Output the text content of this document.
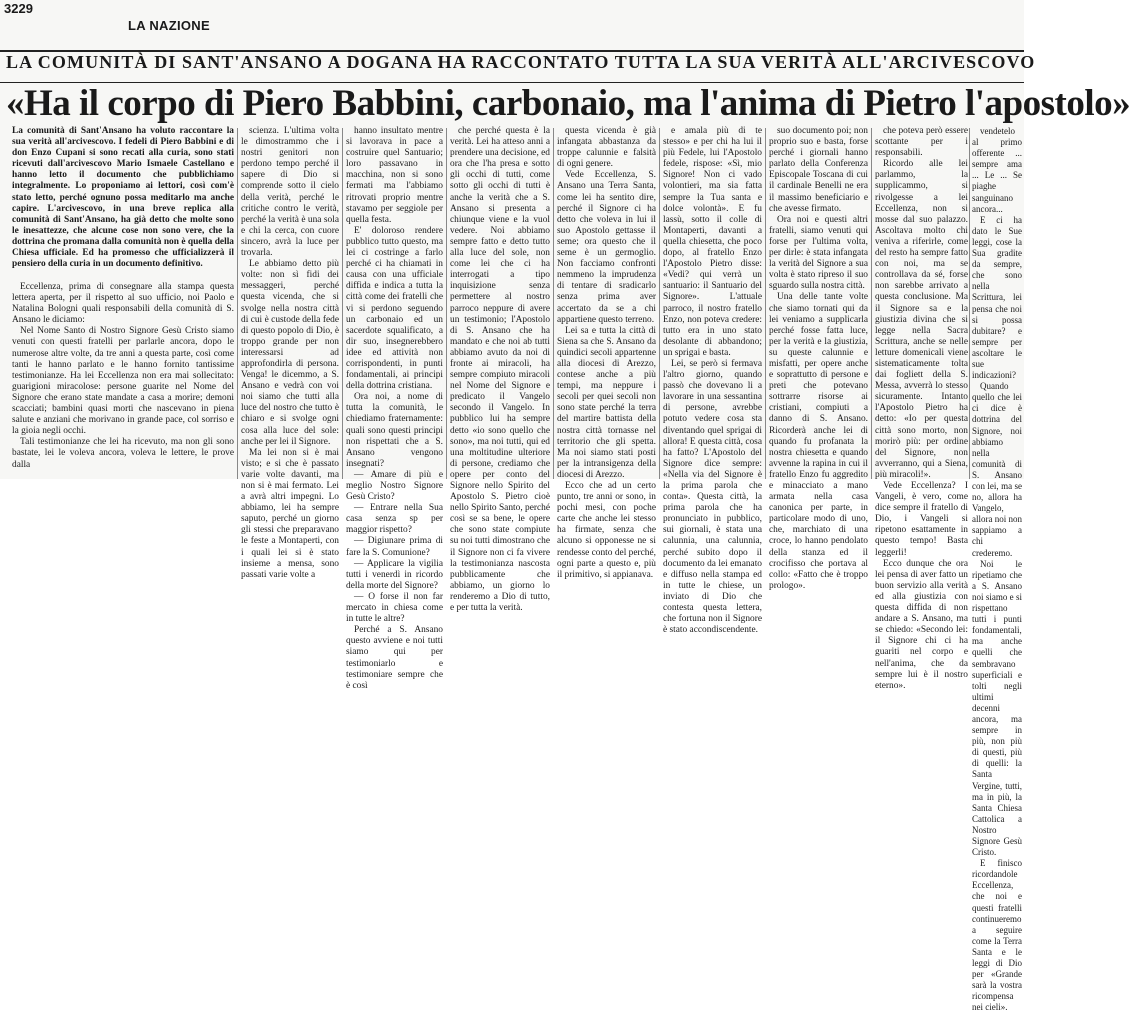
3229
LA NAZIONE
LA COMUNITÀ DI SANT'ANSANO A DOGANA HA RACCONTATO TUTTA LA SUA VERITÀ ALL'ARCIVESCOVO
«Ha il corpo di Piero Babbini, carbonaio, ma l'anima di Pietro l'apostolo»
La comunità di Sant'Ansano ha voluto raccontare la sua verità all'arcivescovo. I fedeli di Piero Babbini e di don Enzo Cupani si sono recati alla curia, sono stati ricevuti dall'arcivescovo Mario Ismaele Castellano e hanno letto il documento che pubblichiamo integralmente. Lo proponiamo ai lettori, così com'è stato letto, perché ognuno possa meditarlo ma anche capire. L'arcivescovo, in una breve replica alla comunità di Sant'Ansano, ha già detto che molte sono le inesattezze, che alcune cose non sono vere, che la dottrina che promana dalla comunità non è quella della Chiesa ufficiale. Ed ha promesso che ufficializzerà il pensiero della curia in un documento definitivo.

Eccellenza, prima di consegnare alla stampa questa lettera aperta, per il rispetto al suo ufficio, noi Paolo e Natalina Bologni quali responsabili della comunità di S. Ansano le diciamo:

Nel Nome Santo di Nostro Signore Gesù Cristo siamo venuti con questi fratelli per parlarle ancora, dopo le numerose altre volte, da tre anni a questa parte, così come tanti le hanno parlato e le hanno fornito tantissime testimonianze. Ha lei Eccellenza non era mai sollecitato: guarigioni miracolose: persone guarite nel Nome del Signore che erano state mandate a casa a morire; demoni scacciati; bambini quasi morti che nascevano in piena salute e anziani che morivano in grande pace, col sorriso e la gioia negli occhi.

Tali testimonianze che lei ha ricevuto, ma non gli sono bastate, lei le voleva ancora, voleva le lettere, le prove dalla

scienza. L'ultima volta le dimostrammo che i nostri genitori non perdono tempo perché il sapere di Dio si comprende sotto il cielo della verità, perché le critiche contro le verità, perché la verità è una sola e chi la cerca, con cuore sincero, avrà la luce per trovarla.

Le abbiamo detto più volte: non sì fidi dei messaggeri, perché questa vicenda, che si svolge nella nostra città di cui è custode della fede di questo popolo di Dio, è troppo grande per non interessarsi ad approfondirla di persona. Venga! le dicemmo, a S. Ansano e vedrà con voi noi siamo che tutti alla luce del nostro che tutto è chiaro e si svolge ogni cosa alla luce del sole: anche per lei il Signore.

Ma lei non si è mai visto; e si che è passato varie volte davanti, ma non si è mai fermato. Lei a avrà altri impegni. Lo abbiamo, lei ha sempre saputo, perché un giorno gli stessi che preparavano le feste a Montaperti, con i quali lei si è stato insieme a mensa, sono passati varie volte a

hanno insultato mentre si lavorava in pace a costruire quel Santuario; loro passavano in macchina, non si sono fermati ma l'abbiamo ritrovati proprio mentre stavamo per seggiole per quella festa.

E' doloroso rendere pubblico tutto questo, ma lei ci costringe a farlo perché ci ha chiamati in causa con una ufficiale diffida e indica a tutta la città come dei fratelli che vi si perdono seguendo un carbonaio ed un sacerdote squalificato, a dir suo, insegnerebbero idee ed attività non corrispondenti, in punti fondamentali, ai principi della dottrina cristiana.

Ora noi, a nome di tutta la comunità, le chiediamo fraternamente: quali sono questi principi non rispettati che a S. Ansano vengono insegnati?

— Amare di più e meglio Nostro Signore Gesù Cristo?

— Entrare nella Sua casa senza sp per maggior rispetto?

— Digiunare prima di fare la S. Comunione?

— Applicare la vigilia tutti i venerdì in ricordo della morte del Signore?

— O forse il non far mercato in chiesa come in tutte le altre?

Perché a S. Ansano questo avviene e noi tutti siamo qui per testimoniarlo e testimoniare sempre che è così

che perché questa è la verità. Lei ha atteso anni a prendere una decisione, ed ora che l'ha presa e sotto gli occhi di tutti, come sotto gli occhi di tutti è anche la verità che a S. Ansano si presenta a chiunque viene e la vuol vedere. Noi abbiamo sempre fatto e detto tutto alla luce del sole, non come lei che ci ha interrogati a tipo inquisizione senza permettere al nostro parroco neppure di avere un testimonio; l'Apostolo di S. Ansano che ha mandato e che noi ab tutti abbiamo avuto da noi di fronte ai miracoli, ha sempre compiuto miracoli nel Nome del Signore e predicato il Vangelo secondo il Vangelo. In pubblico lui ha sempre detto «io sono quello che sono», ma noi tutti, qui ed una moltitudine ulteriore di persone, crediamo che opere per conto del Signore nello Spirito del Apostolo S. Pietro cioè nello Spirito Santo, perché così se sa bene, le opere che sono state compiute su noi tutti dimostrano che il Signore non ci fa vivere la testimonianza nascosta pubblicamente che abbiamo, un giorno lo renderemo a Dio di tutto, e per tutta la verità.

questa vicenda è già infangata abbastanza da troppe calunnie e falsità di ogni genere.

Vede Eccellenza, S. Ansano una Terra Santa, come lei ha sentito dire, perché il Signore ci ha detto che voleva in lui il suo Apostolo gettasse il seme; ora questo che il seme è un germoglio. Non facciamo confronti nemmeno la imprudenza di tentare di sradicarlo senza prima aver accertato da se a chi appartiene questo terreno.

Lei sa e tutta la città di Siena sa che S. Ansano da quindici secoli appartenne alla diocesi di Arezzo, contese anche a più tempi, ma neppure i secoli per quei secoli non sono state perché la terra del martire battista della nostra città tornasse nel territorio che gli spetta. Ma noi siamo stati posti per la intransigenza della diocesi di Arezzo.

Ecco che ad un certo punto, tre anni or sono, in pochi mesi, con poche carte che anche lei stesso ha firmate, senza che alcuno si opponesse ne si rendesse conto del perché, ogni parte a questo e, più il primitivo, si appianava.

e amala più di te stesso» e per chi ha lui il più Fedele, lui l'Apostolo fedele, rispose: «Sì, mio Signore! Non ci vado volontieri, ma sia fatta sempre la Tua santa e dolce volontà». E fu lassù, sotto il colle di Montaperti, davanti a quella chiesetta, che poco dopo, al fratello Enzo l'Apostolo Pietro disse: «Vedi? qui verrà un santuario: il Santuario del Signore». L'attuale parroco, il nostro fratello Enzo, non poteva credere: tutto era in uno stato desolante di abbandono; un sprigai e basta.

Lei, se però si fermava l'altro giorno, quando passò che dovevano li a lavorare in una sessantina di persone, avrebbe potuto vedere cosa sta diventando quel sprigai di allora! E questa città, cosa ha fatto? L'Apostolo del Signore dice sempre: «Nella via del Signore è la prima parola che conta». Questa città, la prima parola che ha pronunciato in pubblico, sui giornali, è stata una calunnia, una calunnia, perché subito dopo il documento da lei emanato e diffuso nella stampa ed in tutte le chiese, un inviato di Dio che contesta questa lettera, che fortuna non il Signore è stato accondiscendente.

suo documento poi; non proprio suo e basta, forse perché i giornali hanno parlato della Conferenza Episcopale Toscana di cui il cardinale Benelli ne era il massimo beneficiario e che avesse firmato.

Ora noi e questi altri fratelli, siamo venuti qui forse per l'ultima volta, per dirle: è stata infangata la verità del Signore a sua volta è stato ripreso il suo sguardo sulla nostra città.

Una delle tante volte che siamo tornati qui da lei veniamo a supplicarla perché fosse fatta luce, per la verità e la giustizia, su queste calunnie e misfatti, per opere anche e soprattutto di persone e preti che potevano sottrarre risorse ai cristiani, compiuti a danno di S. Ansano. Ricorderà anche lei di quando fu profanata la nostra chiesetta e quando avvenne la rapina in cui il fratello Enzo fu aggredito e minacciato a mano armata nella casa canonica per parte, in particolare modo di uno, che, marchiato di una croce, lo hanno pendolato della stanza ed il crocifisso che portava al collo: «Fatto che è troppo prologo».

che poteva però essere scottante per i responsabili.

Ricordo alle lei parlammo, la supplicammo, si rivolgesse a lei Eccellenza, non si mosse dal suo palazzo. Ascoltava molto chi veniva a riferirle, come del resto ha sempre fatto con noi, ma se controllava da sé, forse non sarebbe arrivato a questa conclusione. Ma il Signore sa e la giustizia divina che si legge nella Sacra Scrittura, anche se nelle letture domenicali viene sistematicamente tolta dai fogliett della S. Messa, avverrà lo stesso sicuramente. Intanto l'Apostolo Pietro ha detto: «Io per questa città sono morto, non morirò più: per ordine del Signore, non avverranno, qui a Siena, più miracoli!».

Vede Eccellenza? I Vangeli, è vero, come dice sempre il fratello di Dio, i Vangeli si ripetono esattamente in questo tempo! Basta leggerli!

Ecco dunque che ora lei pensa di aver fatto un buon servizio alla verità ed alla giustizia con questa diffida di non andare a S. Ansano, ma se chiedo: «Secondo lei: il Signore chi ci ha guariti nel corpo e nell'anima, che da sempre lui è il nostro eterno».

vendetelo al primo offerente ... sempre ama ... Le ... Se piaghe sanguinano ancora...

E ci ha dato le Sue leggi, cose la Sua gradite da sempre, che sono nella Scrittura, lei pensa che noi si possa dubitare? e sempre per ascoltare le sue indicazioni?

Quando quello che lei ci dice è dottrina del Signore, noi abbiamo nella comunità di S. Ansano con lei, ma se no, allora ha Vangelo, allora noi non sappiamo a chi crederemo.

Noi le ripetiamo che a S. Ansano noi siamo e si rispettano tutti i punti fondamentali, ma anche quelli che sembravano superficiali e tolti negli ultimi decenni ancora, ma sempre in più, non più di questi, più di quelli: la Santa Vergine, tutti, ma in più, la Santa Chiesa Cattolica a Nostro Signore Gesù Cristo.

E finisco ricordandole Eccellenza, che noi e questi fratelli continueremo a seguire come la Terra Santa e le leggi di Dio per «Grande sarà la vostra ricompensa nei cieli».
